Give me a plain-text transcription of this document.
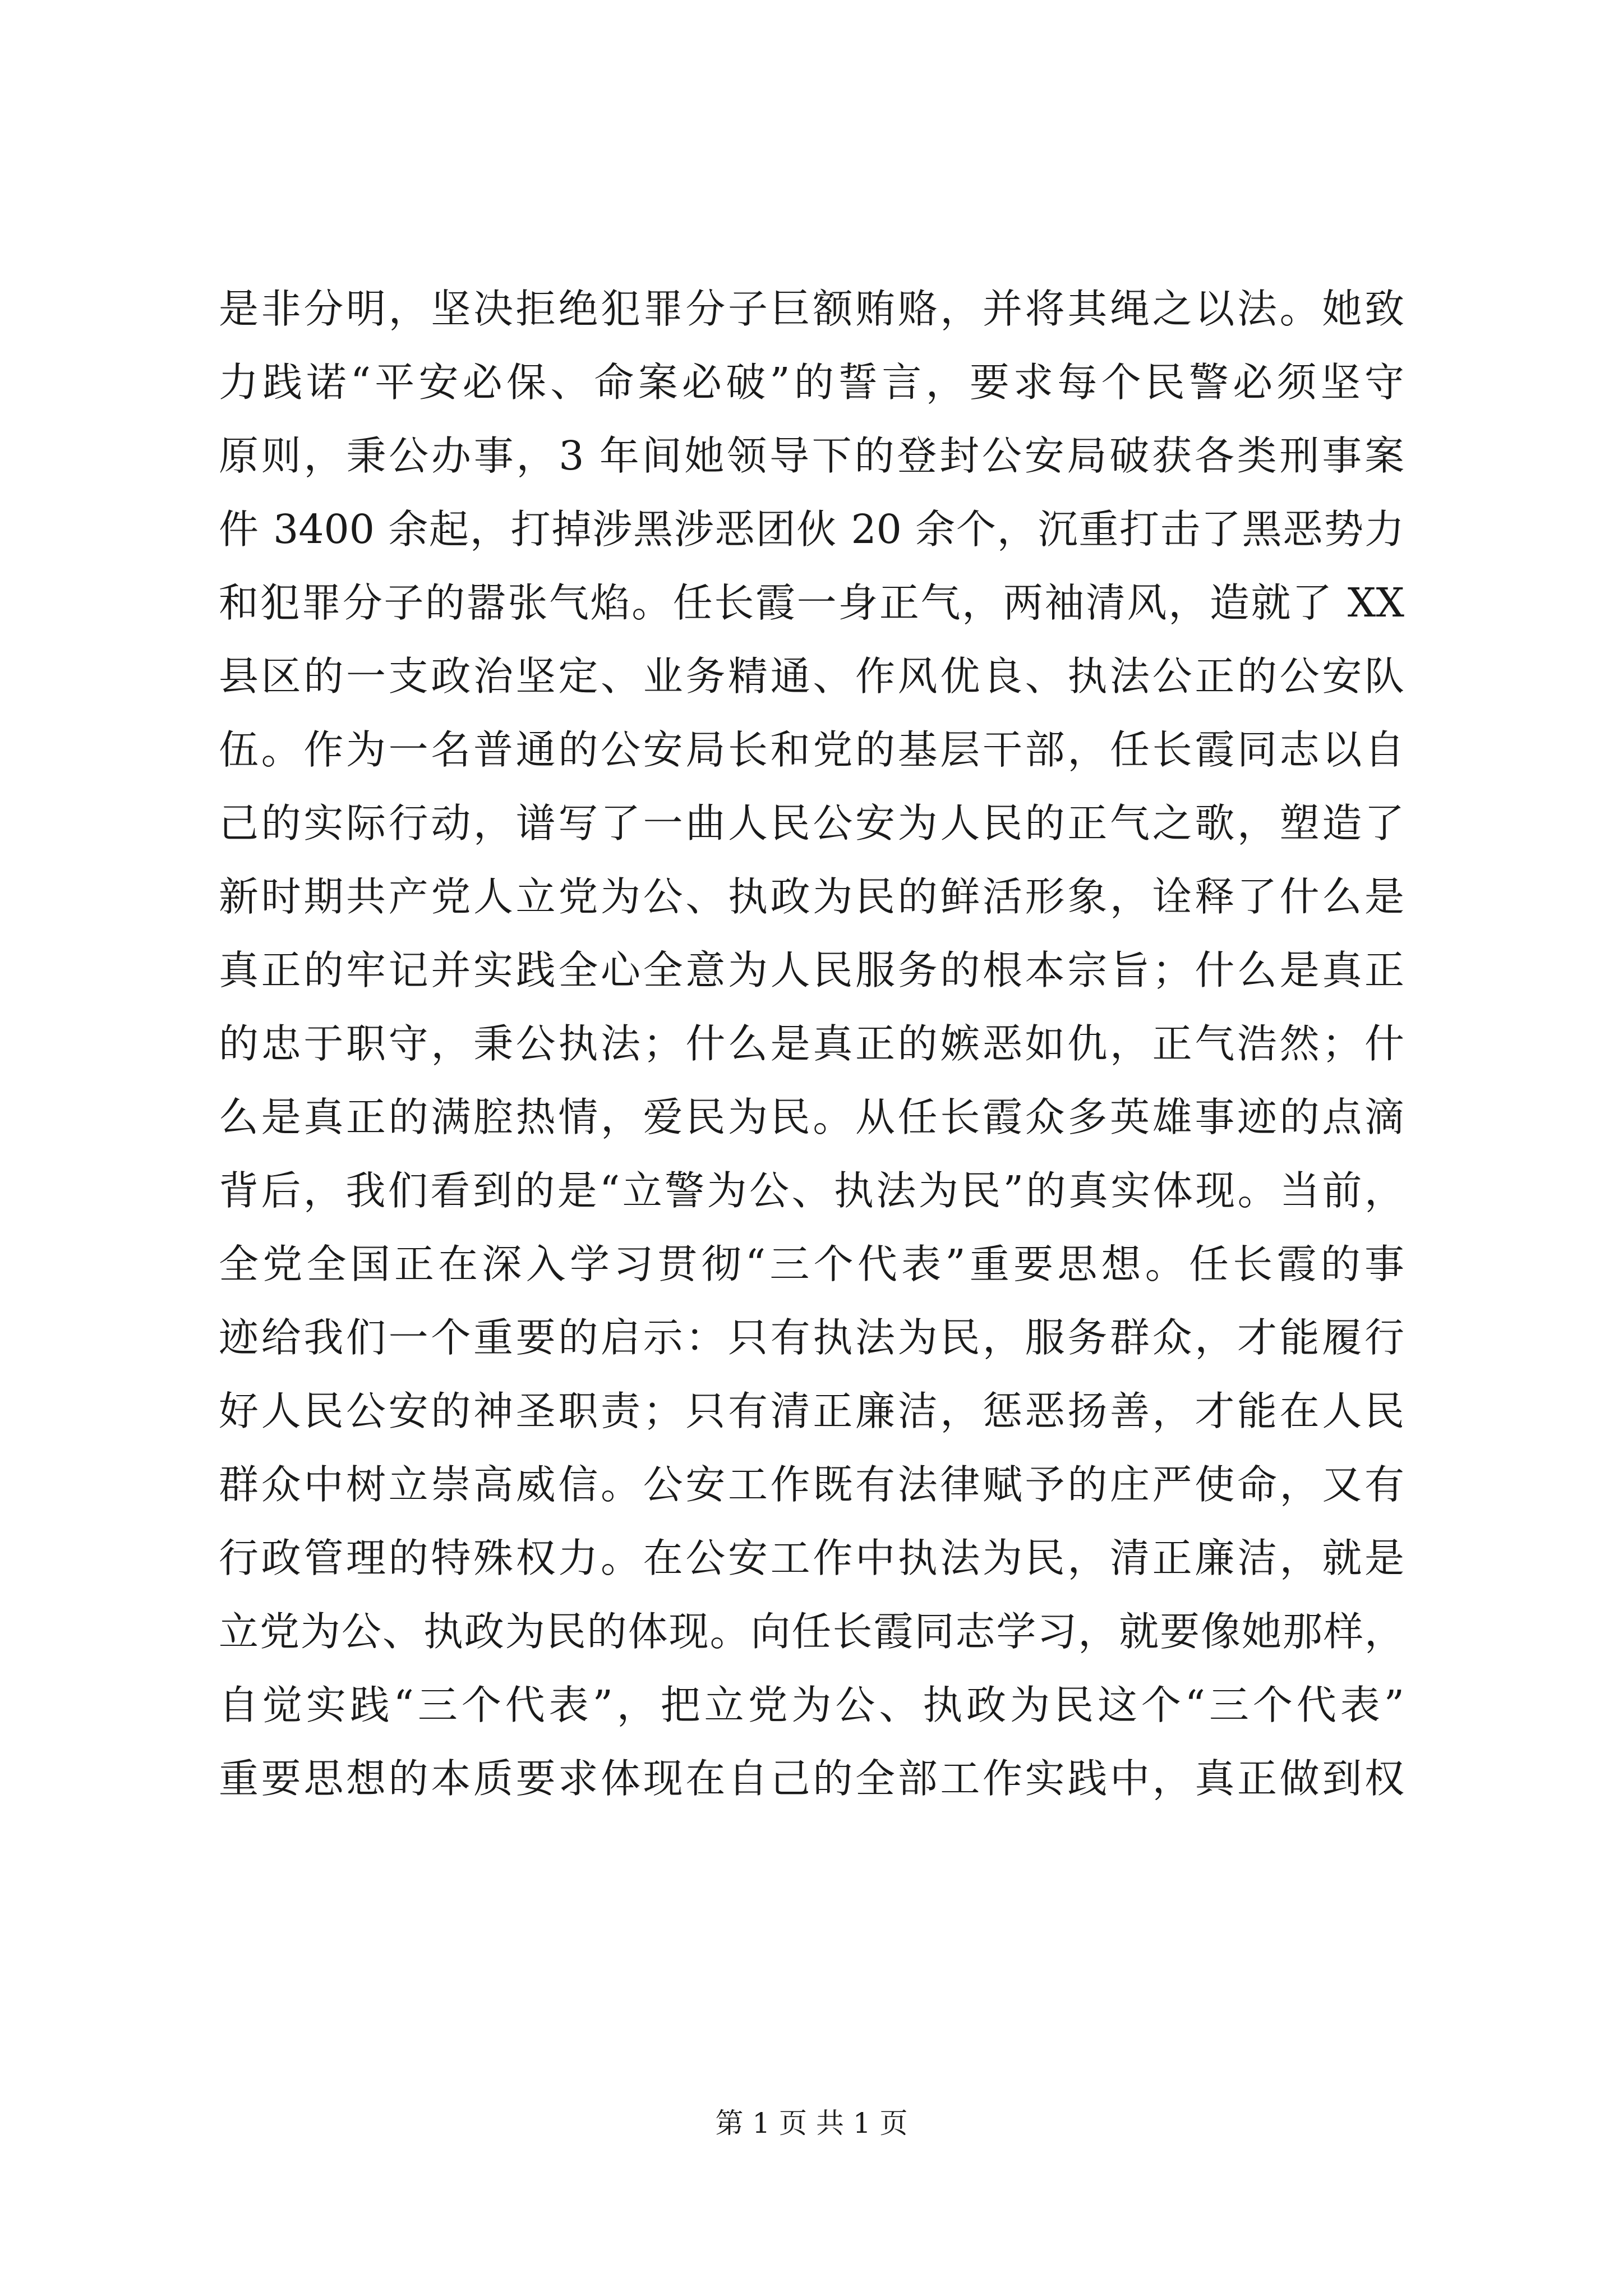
是非分明，坚决拒绝犯罪分子巨额贿赂，并将其绳之以法。她致
力践诺“平安必保、命案必破”的誓言，要求每个民警必须坚守
原则，秉公办事，3 年间她领导下的登封公安局破获各类刑事案
件 3400 余起，打掉涉黑涉恶团伙 20 余个，沉重打击了黑恶势力
和犯罪分子的嚣张气焰。任长霞一身正气，两袖清风，造就了 XX
县区的一支政治坚定、业务精通、作风优良、执法公正的公安队
伍。作为一名普通的公安局长和党的基层干部，任长霞同志以自
己的实际行动，谱写了一曲人民公安为人民的正气之歌，塑造了
新时期共产党人立党为公、执政为民的鲜活形象，诠释了什么是
真正的牢记并实践全心全意为人民服务的根本宗旨；什么是真正
的忠于职守，秉公执法；什么是真正的嫉恶如仇，正气浩然；什
么是真正的满腔热情，爱民为民。从任长霞众多英雄事迹的点滴
背后，我们看到的是“立警为公、执法为民”的真实体现。当前，
全党全国正在深入学习贯彻“三个代表”重要思想。任长霞的事
迹给我们一个重要的启示：只有执法为民，服务群众，才能履行
好人民公安的神圣职责；只有清正廉洁，惩恶扬善，才能在人民
群众中树立崇高威信。公安工作既有法律赋予的庄严使命，又有
行政管理的特殊权力。在公安工作中执法为民，清正廉洁，就是
立党为公、执政为民的体现。向任长霞同志学习，就要像她那样，
自觉实践“三个代表”，把立党为公、执政为民这个“三个代表”
重要思想的本质要求体现在自己的全部工作实践中，真正做到权
第 1 页 共 1 页
